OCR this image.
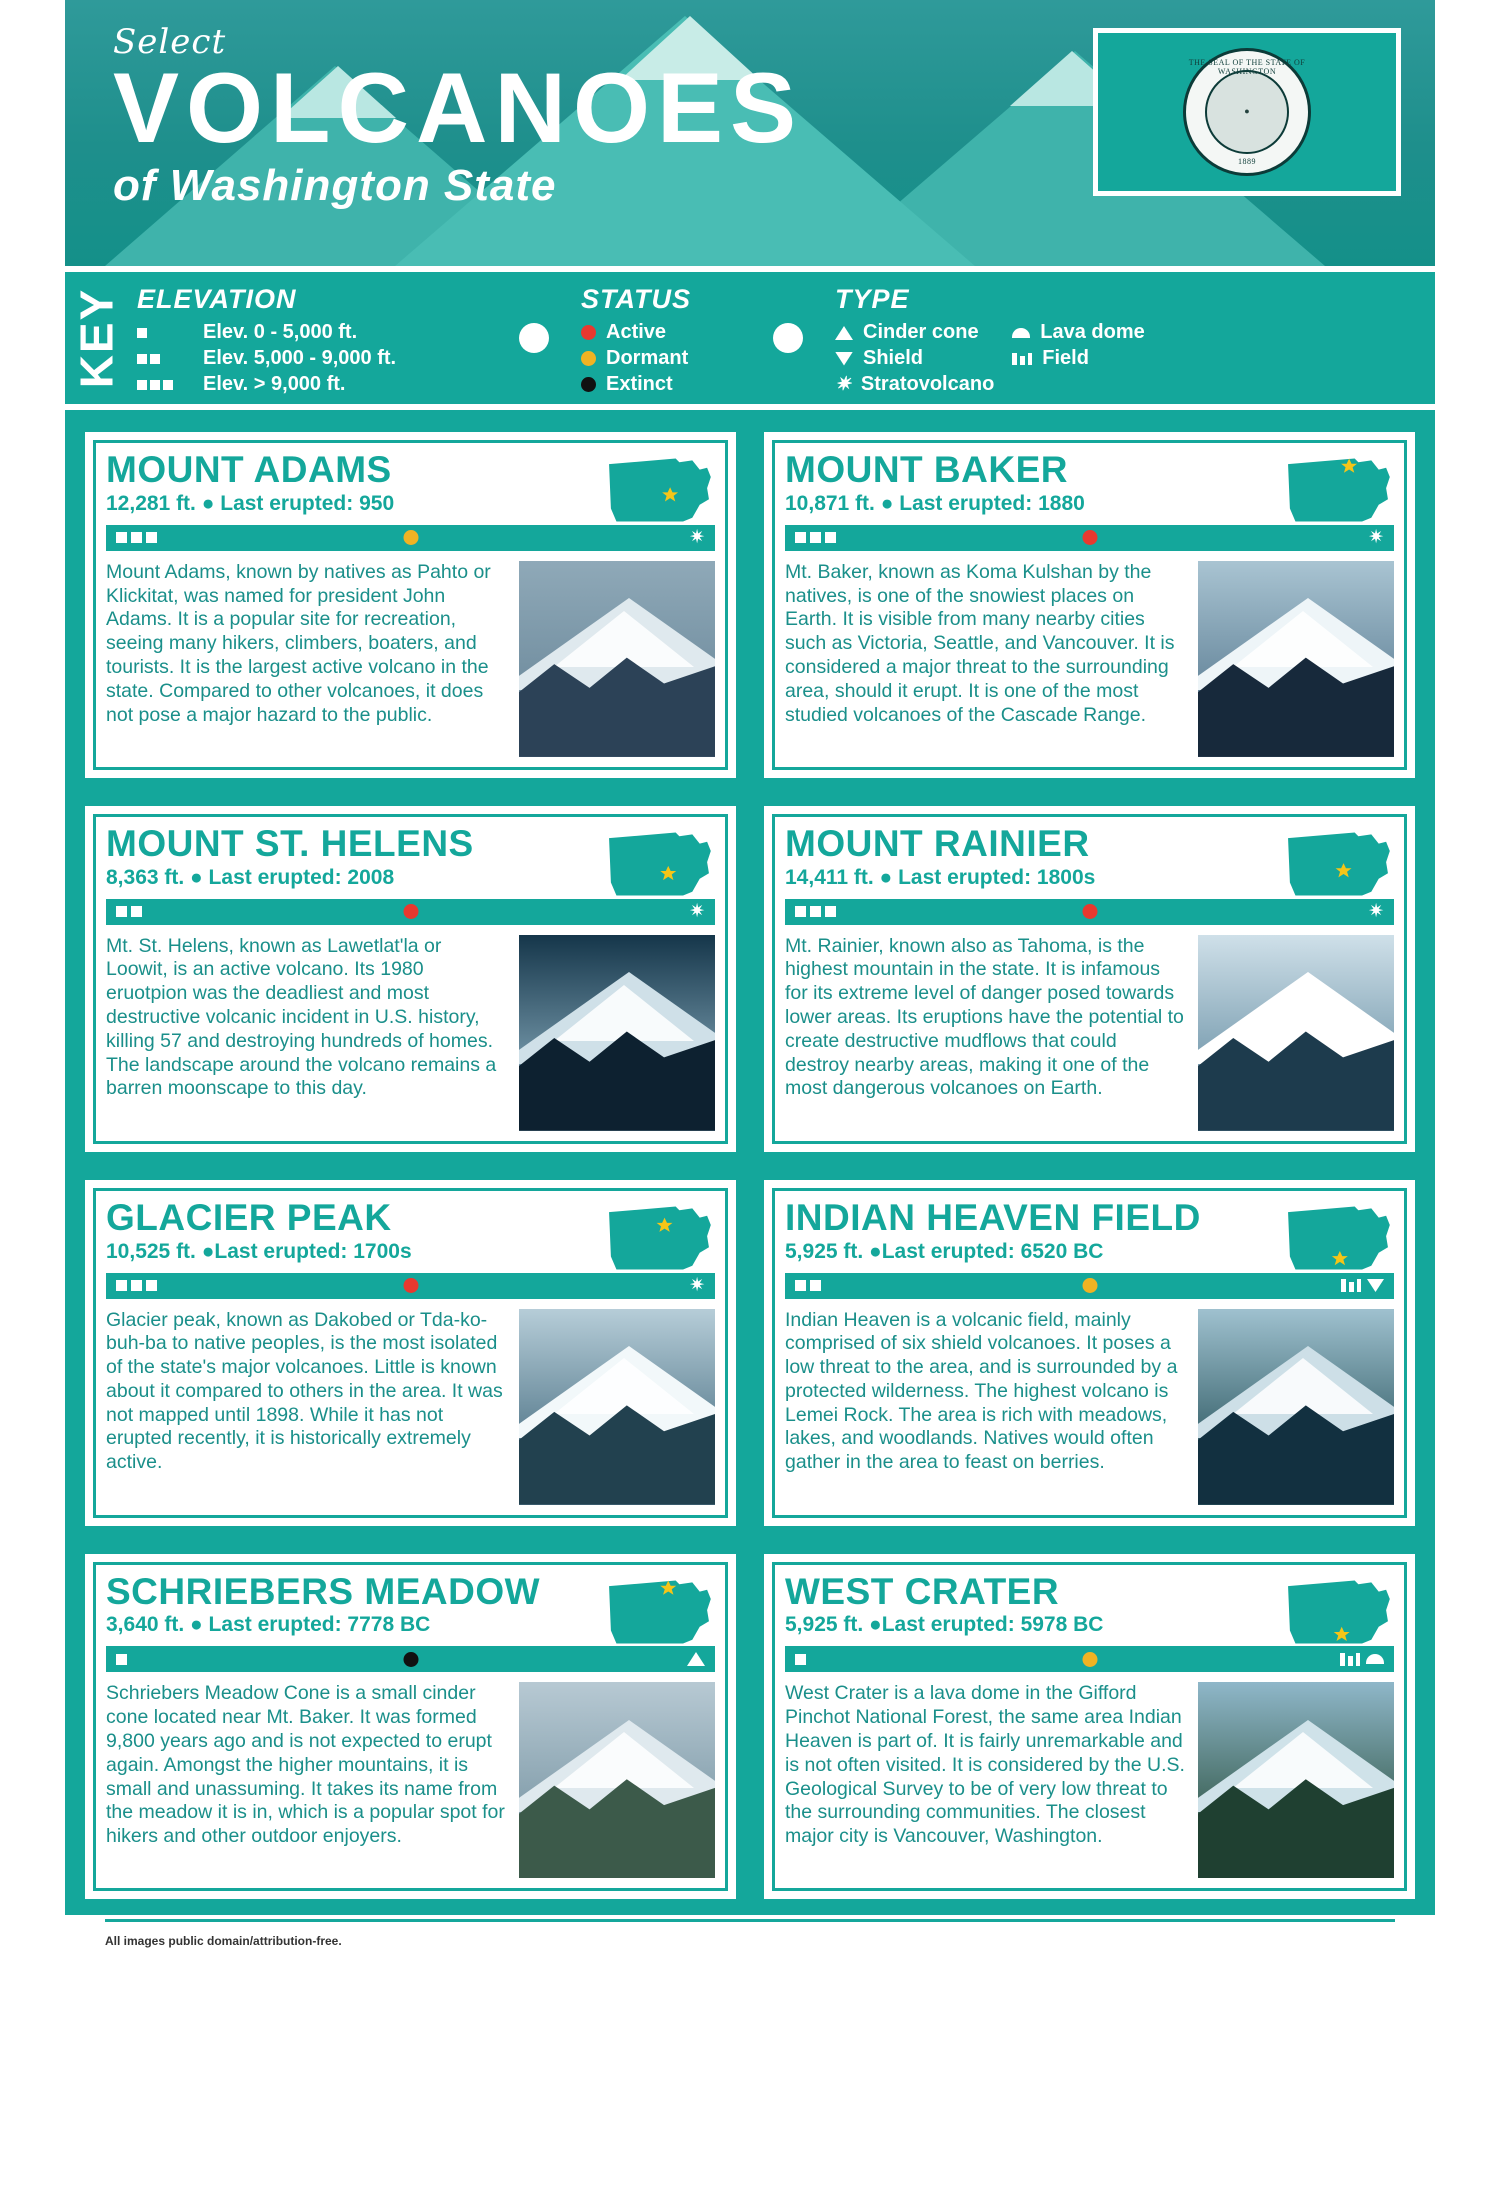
Select
VOLCANOES
of Washington State
THE SEAL OF THE STATE OF WASHINGTON
●
1889
KEY ELEVATION
Elev. 0 - 5,000 ft.
Elev. 5,000 - 9,000 ft.
Elev. > 9,000 ft.
STATUS
Active
Dormant
Extinct
TYPE
Cinder cone
Shield
✷ Stratovolcano
Lava dome
Field
MOUNT ADAMS

12,281 ft. ● Last erupted: 950

✷
Mount Adams, known by natives as Pahto or Klickitat, was named for president John Adams. It is a popular site for recreation, seeing many hikers, climbers, boaters, and tourists. It is the largest active volcano in the state. Compared to other volcanoes, it does not pose a major hazard to the public.
MOUNT BAKER

10,871 ft. ● Last erupted: 1880

✷
Mt. Baker, known as Koma Kulshan by the natives, is one of the snowiest places on Earth. It is visible from many nearby cities such as Victoria, Seattle, and Vancouver. It is considered a major threat to the surrounding area, should it erupt. It is one of the most studied volcanoes of the Cascade Range.
MOUNT ST. HELENS

8,363 ft. ● Last erupted: 2008

✷
Mt. St. Helens, known as Lawetlat'la or Loowit, is an active volcano. Its 1980 eruotpion was the deadliest and most destructive volcanic incident in U.S. history, killing 57 and destroying hundreds of homes. The landscape around the volcano remains a barren moonscape to this day.
MOUNT RAINIER

14,411 ft. ● Last erupted: 1800s

✷
Mt. Rainier, known also as Tahoma, is the highest mountain in the state. It is infamous for its extreme level of danger posed towards lower areas. Its eruptions have the potential to create destructive mudflows that could destroy nearby areas, making it one of the most dangerous volcanoes on Earth.
GLACIER PEAK

10,525 ft. ●Last erupted: 1700s

✷
Glacier peak, known as Dakobed or Tda-ko-buh-ba to native peoples, is the most isolated of the state's major volcanoes. Little is known about it compared to others in the area. It was not mapped until 1898. While it has not erupted recently, it is historically extremely active.
INDIAN HEAVEN FIELD

5,925 ft. ●Last erupted: 6520 BC

Indian Heaven is a volcanic field, mainly comprised of six shield volcanoes. It poses a low threat to the area, and is surrounded by a protected wilderness. The highest volcano is Lemei Rock. The area is rich with meadows, lakes, and woodlands. Natives would often gather in the area to feast on berries.
SCHRIEBERS MEADOW

3,640 ft. ● Last erupted: 7778 BC

Schriebers Meadow Cone is a small cinder cone located near Mt. Baker. It was formed 9,800 years ago and is not expected to erupt again. Amongst the higher mountains, it is small and unassuming. It takes its name from the meadow it is in, which is a popular spot for hikers and other outdoor enjoyers.
WEST CRATER

5,925 ft. ●Last erupted: 5978 BC

West Crater is a lava dome in the Gifford Pinchot National Forest, the same area Indian Heaven is part of. It is fairly unremarkable and is not often visited. It is considered by the U.S. Geological Survey to be of very low threat to the surrounding communities. The closest major city is Vancouver, Washington.
All images public domain/attribution-free.
